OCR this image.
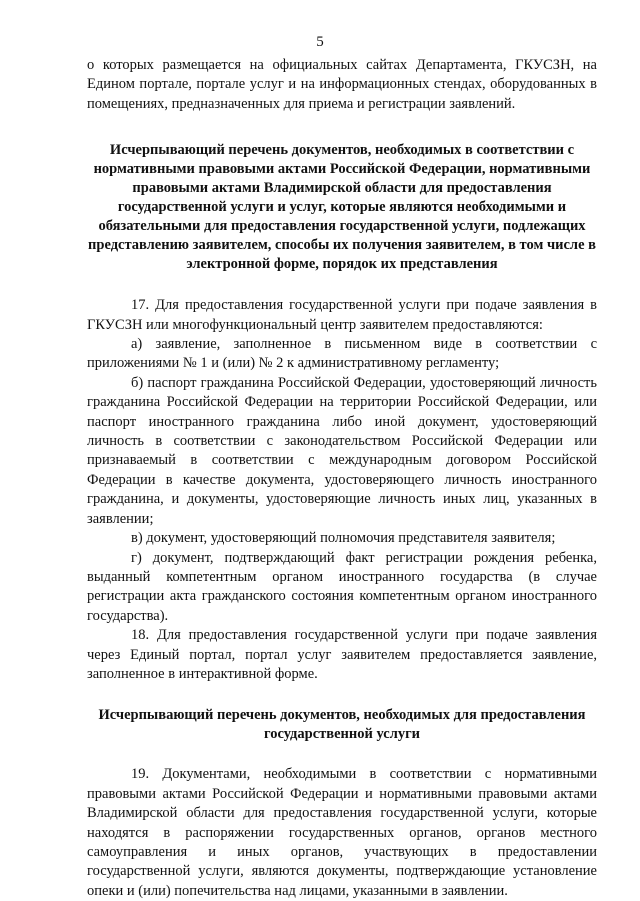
5

о которых размещается на официальных сайтах Департамента, ГКУСЗН, на Едином портале, портале услуг и на информационных стендах, оборудованных в помещениях, предназначенных для приема и регистрации заявлений.

Исчерпывающий перечень документов, необходимых в соответствии с нормативными правовыми актами Российской Федерации, нормативными правовыми актами Владимирской области для предоставления государственной услуги и услуг, которые являются необходимыми и обязательными для предоставления государственной услуги, подлежащих представлению заявителем, способы их получения заявителем, в том числе в электронной форме, порядок их представления

17. Для предоставления государственной услуги при подаче заявления в ГКУСЗН или многофункциональный центр заявителем предоставляются:

а) заявление, заполненное в письменном виде в соответствии с приложениями № 1 и (или) № 2 к административному регламенту;

б) паспорт гражданина Российской Федерации, удостоверяющий личность гражданина Российской Федерации на территории Российской Федерации, или паспорт иностранного гражданина либо иной документ, удостоверяющий личность в соответствии с законодательством Российской Федерации или признаваемый в соответствии с международным договором Российской Федерации в качестве документа, удостоверяющего личность иностранного гражданина, и документы, удостоверяющие личность иных лиц, указанных в заявлении;

в) документ, удостоверяющий полномочия представителя заявителя;

г) документ, подтверждающий факт регистрации рождения ребенка, выданный компетентным органом иностранного государства (в случае регистрации акта гражданского состояния компетентным органом иностранного государства).

18. Для предоставления государственной услуги при подаче заявления через Единый портал, портал услуг заявителем предоставляется заявление, заполненное в интерактивной форме.

Исчерпывающий перечень документов, необходимых для предоставления государственной услуги

19. Документами, необходимыми в соответствии с нормативными правовыми актами Российской Федерации и нормативными правовыми актами Владимирской области для предоставления государственной услуги, которые находятся в распоряжении государственных органов, органов местного самоуправления и иных органов, участвующих в предоставлении государственной услуги, являются документы, подтверждающие установление опеки и (или) попечительства над лицами, указанными в заявлении.
